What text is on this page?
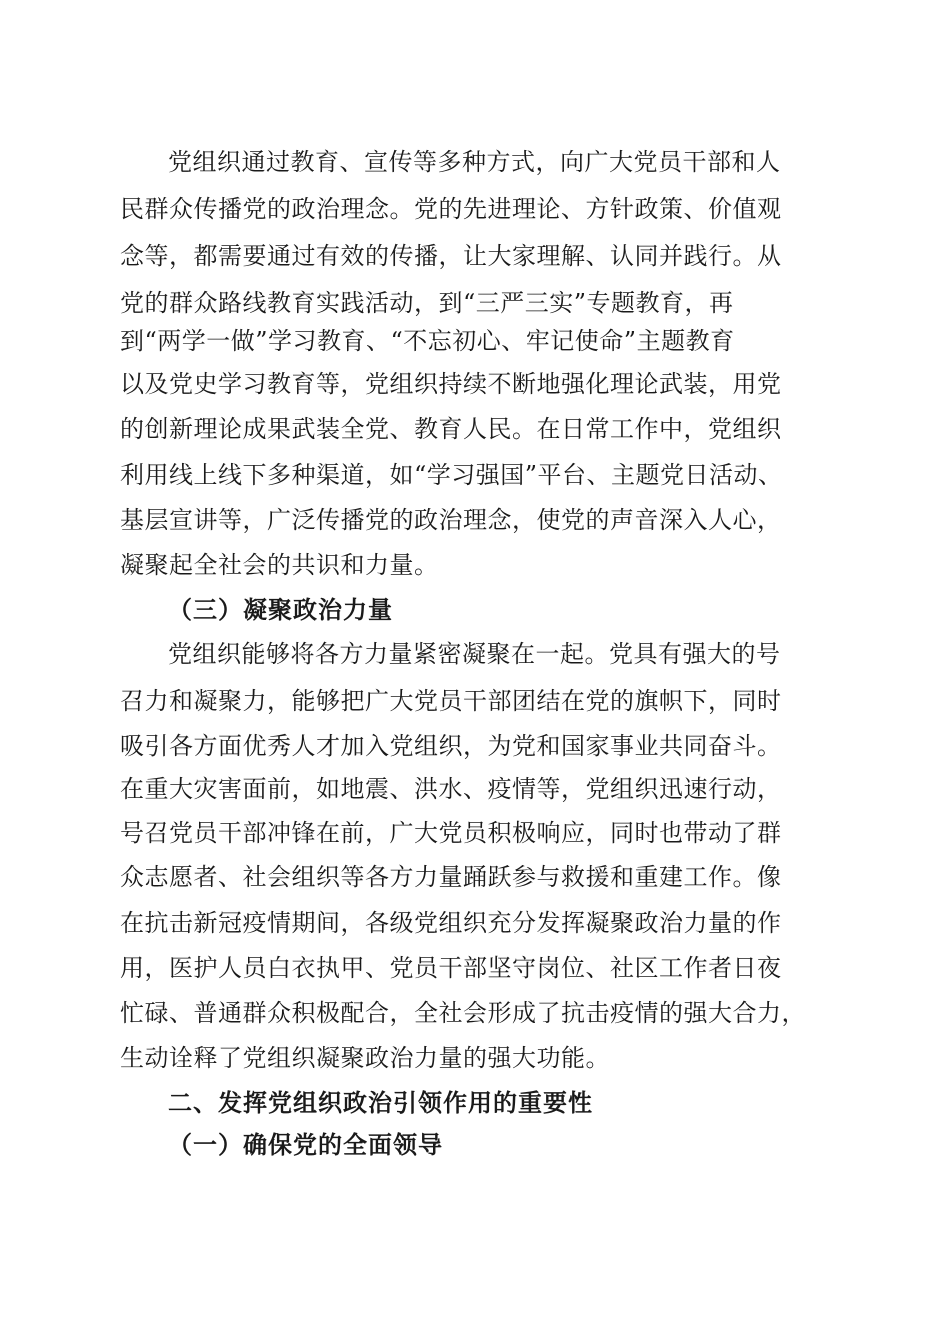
党组织通过教育、宣传等多种方式，向广大党员干部和人
民群众传播党的政治理念。党的先进理论、方针政策、价值观
念等，都需要通过有效的传播，让大家理解、认同并践行。从
党的群众路线教育实践活动，到“三严三实”专题教育，再
到“两学一做”学习教育、“不忘初心、牢记使命”主题教育
以及党史学习教育等，党组织持续不断地强化理论武装，用党
的创新理论成果武装全党、教育人民。在日常工作中，党组织
利用线上线下多种渠道，如“学习强国”平台、主题党日活动、
基层宣讲等，广泛传播党的政治理念，使党的声音深入人心，
凝聚起全社会的共识和力量。
（三）凝聚政治力量
党组织能够将各方力量紧密凝聚在一起。党具有强大的号
召力和凝聚力，能够把广大党员干部团结在党的旗帜下，同时
吸引各方面优秀人才加入党组织，为党和国家事业共同奋斗。
在重大灾害面前，如地震、洪水、疫情等，党组织迅速行动，
号召党员干部冲锋在前，广大党员积极响应，同时也带动了群
众志愿者、社会组织等各方力量踊跃参与救援和重建工作。像
在抗击新冠疫情期间，各级党组织充分发挥凝聚政治力量的作
用，医护人员白衣执甲、党员干部坚守岗位、社区工作者日夜
忙碌、普通群众积极配合，全社会形成了抗击疫情的强大合力，
生动诠释了党组织凝聚政治力量的强大功能。
二、发挥党组织政治引领作用的重要性
（一）确保党的全面领导
